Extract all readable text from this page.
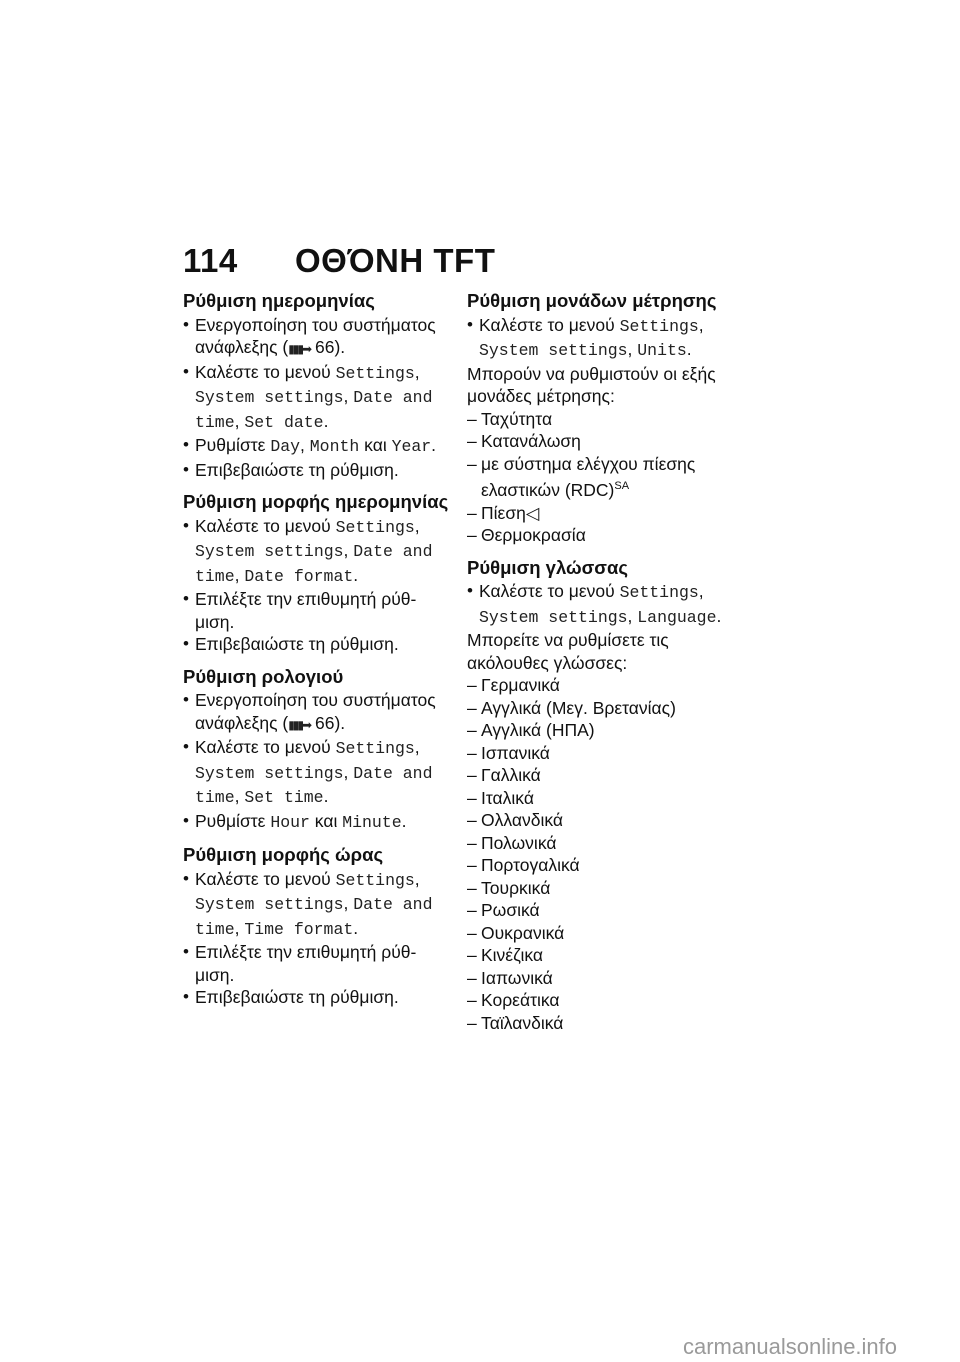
114 ΟΘΌΝΗ TFT
Ρύθμιση ημερομηνίας
• Ενεργοποίηση του συστήματος ανάφλεξης (▮▮▮➡ 66).
• Καλέστε το μενού Settings, System settings, Date and time, Set date.
• Ρυθμίστε Day, Month και Year.
• Επιβεβαιώστε τη ρύθμιση.
Ρύθμιση μορφής ημερομηνίας
• Καλέστε το μενού Settings, System settings, Date and time, Date format.
• Επιλέξτε την επιθυμητή ρύθ-μιση.
• Επιβεβαιώστε τη ρύθμιση.
Ρύθμιση ρολογιού
• Ενεργοποίηση του συστήματος ανάφλεξης (▮▮▮➡ 66).
• Καλέστε το μενού Settings, System settings, Date and time, Set time.
• Ρυθμίστε Hour και Minute.
Ρύθμιση μορφής ώρας
• Καλέστε το μενού Settings, System settings, Date and time, Time format.
• Επιλέξτε την επιθυμητή ρύθ-μιση.
• Επιβεβαιώστε τη ρύθμιση.
Ρύθμιση μονάδων μέτρησης
• Καλέστε το μενού Settings, System settings, Units.
Μπορούν να ρυθμιστούν οι εξής μονάδες μέτρησης:
– Ταχύτητα
– Κατανάλωση
– με σύστημα ελέγχου πίεσης ελαστικών (RDC)$^{SA}$
– Πίεση◁
– Θερμοκρασία
Ρύθμιση γλώσσας
• Καλέστε το μενού Settings, System settings, Language.
Μπορείτε να ρυθμίσετε τις ακόλουθες γλώσσες:
– Γερμανικά
– Αγγλικά (Μεγ. Βρετανίας)
– Αγγλικά (ΗΠΑ)
– Ισπανικά
– Γαλλικά
– Ιταλικά
– Ολλανδικά
– Πολωνικά
– Πορτογαλικά
– Τουρκικά
– Ρωσικά
– Ουκρανικά
– Κινέζικα
– Ιαπωνικά
– Κορεάτικα
– Ταϊλανδικά
carmanualsonline.info
